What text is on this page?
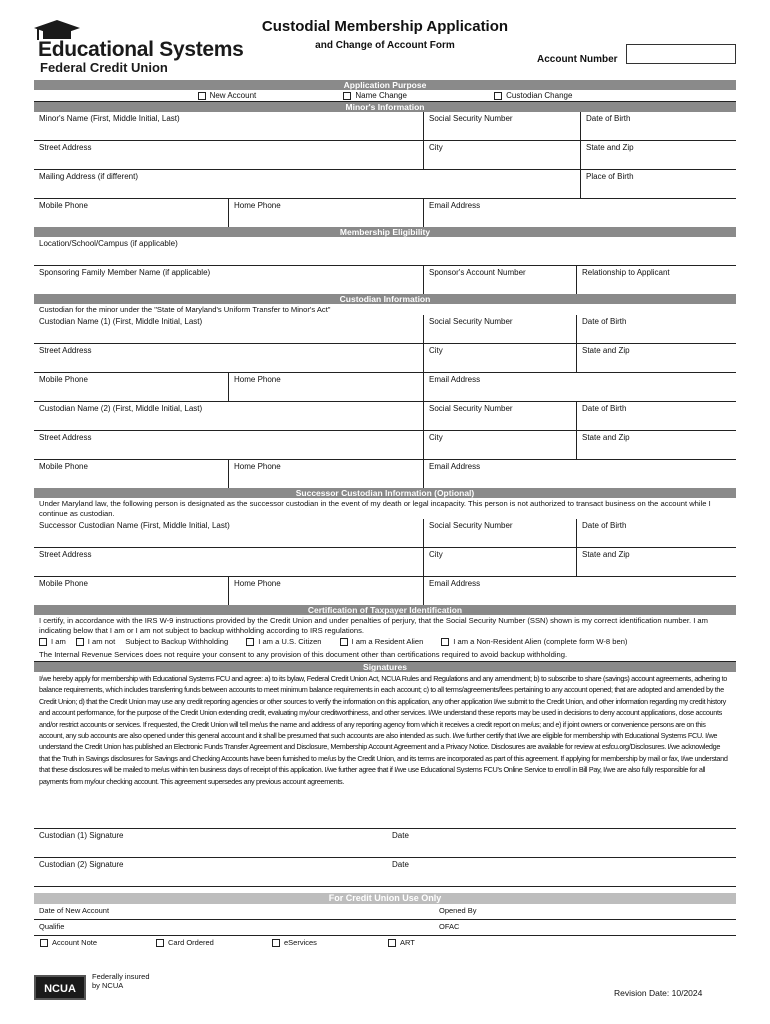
Educational Systems
Federal Credit Union
Custodial Membership Application
and Change of Account Form
Account Number
Application Purpose
New Account	Name Change	Custodian Change
Minor's Information
Minor's Name (First, Middle Initial, Last)	Social Security Number	Date of Birth
Street Address	City	State and Zip
Mailing Address (if different)	Place of Birth
Mobile Phone	Home Phone	Email Address
Membership Eligibility
Location/School/Campus (if applicable)
Sponsoring Family Member Name (if applicable)	Sponsor's Account Number	Relationship to Applicant
Custodian Information
Custodian for the minor under the "State of Maryland's Uniform Transfer to Minor's Act"
Custodian Name (1) (First, Middle Initial, Last)	Social Security Number	Date of Birth
Street Address	City	State and Zip
Mobile Phone	Home Phone	Email Address
Custodian Name (2) (First, Middle Initial, Last)	Social Security Number	Date of Birth
Street Address	City	State and Zip
Mobile Phone	Home Phone	Email Address
Successor Custodian Information (Optional)
Under Maryland law, the following person is designated as the successor custodian in the event of my death or legal incapacity. This person is not authorized to transact business on the account while I continue as custodian.
Successor Custodian Name (First, Middle Initial, Last)	Social Security Number	Date of Birth
Street Address	City	State and Zip
Mobile Phone	Home Phone	Email Address
Certification of Taxpayer Identification
I certify, in accordance with the IRS W-9 instructions provided by the Credit Union and under penalties of perjury, that the Social Security Number (SSN) shown is my correct identification number. I am indicating below that I am or I am not subject to backup withholding according to IRS regulations.
I am	I am not Subject to Backup Withholding	I am a U.S. Citizen	I am a Resident Alien	I am a Non-Resident Alien (complete form W-8 ben)
The Internal Revenue Services does not require your consent to any provision of this document other than certifications required to avoid backup withholding.
Signatures
I/we hereby apply for membership with Educational Systems FCU and agree: a) to its bylaw, Federal Credit Union Act, NCUA Rules and Regulations and any amendment; b) to subscribe to share (savings) account agreements, adhering to balance requirements, which includes transferring funds between accounts to meet minimum balance requirements in each account; c) to all terms/agreements/fees pertaining to any account opened; that are adopted and amended by the Credit Union; d) that the Credit Union may use any credit reporting agencies or other sources to verify the information on this application, any other application I/we submit to the Credit Union, and other information regarding my credit history and account performance, for the purpose of the Credit Union extending credit, evaluating my/our creditworthiness, and other services. I/We understand these reports may be used in decisions to deny account applications, close accounts and/or restrict accounts or services. If requested, the Credit Union will tell me/us the name and address of any reporting agency from which it receives a credit report on me/us; and e) if joint owners or convenience persons are on this account, any sub accounts are also opened under this general account and it shall be presumed that such accounts are also intended as such. I/we further certify that I/we are eligible for membership with Educational Systems FCU. I/we understand the Credit Union has published an Electronic Funds Transfer Agreement and Disclosure, Membership Account Agreement and a Privacy Notice. Disclosures are available for review at esfcu.org/Disclosures. I/we acknowledge that the Truth in Savings disclosures for Savings and Checking Accounts have been furnished to me/us by the Credit Union, and its terms are incorporated as part of this agreement. If applying for membership by mail or fax, I/we understand that these disclosures will be mailed to me/us within ten business days of receipt of this application. I/we further agree that if I/we use Educational Systems FCU's Online Service to enroll in Bill Pay, I/we are also fully responsible for all payments from my/our checking account. This agreement supersedes any previous account agreements.
Custodian (1) Signature	Date
Custodian (2) Signature	Date
For Credit Union Use Only
Date of New Account	Opened By
Qualifie	OFAC
Account Note	Card Ordered	eServices	ART
NCUA
Federally insured by NCUA
Revision Date: 10/2024
